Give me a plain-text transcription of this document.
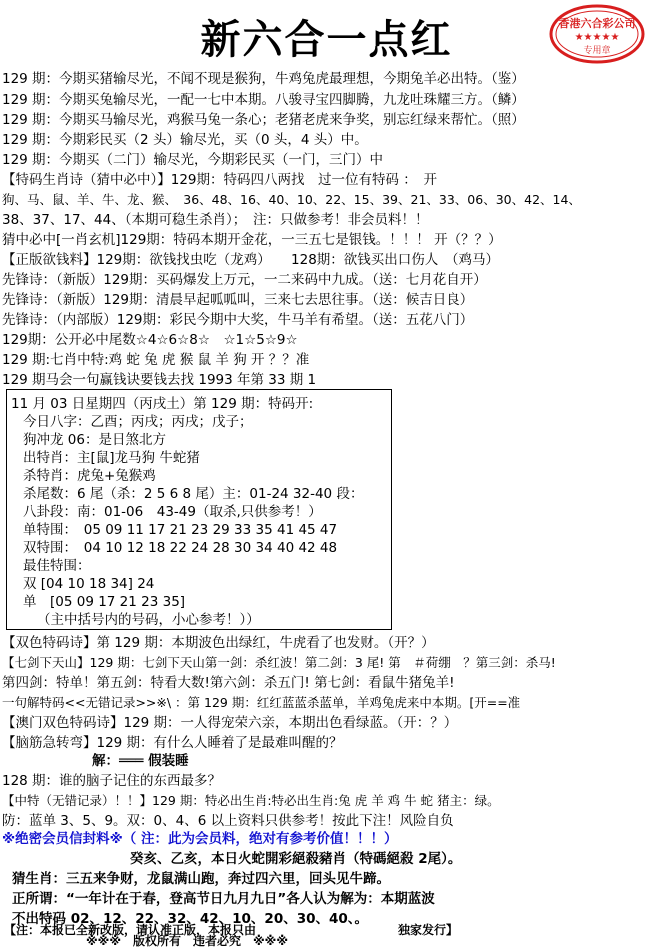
新六合一点红	香港六合彩公司
★★★★★
专用章
129 期：今期买猪输尽光，不闻不现是猴狗，牛鸡兔虎最理想，今期兔羊必出特。（鉴）
129 期：今期买兔输尽光，一配一七中本期。八骏寻宝四脚腾，九龙吐珠耀三方。（鳞）
129 期：今期买马输尽光，鸡猴马兔一条心；老猪老虎来争奖，别忘红绿来帮忙。（照）
129 期：今期彩民买（2 头）输尽光，买（0 头，4 头）中。
129 期：今期买（二门）输尽光，今期彩民买（一门，三门）中
【特码生肖诗（猜中必中）】129期：特码四八两找　过一位有特码 ：　开
狗、马、鼠、羊、牛、龙、猴、　36、48、16、40、10、22、15、39、21、33、06、30、42、14、
38、37、17、44、（本期可稳生杀肖）；　注：只做参考！非会员料！！
猜中必中[一肖玄机]129期：特码本期开金花，一三五七是银钱。！！！ 开（？？）
【正版欲钱料】129期：欲钱找虫吃（龙鸡）　　128期：欲钱买出口伤人　（鸡马）
先锋诗：（新版）129期：买码爆发上万元，一二来码中九成。（送：七月花自开）
先锋诗：（新版）129期：清晨早起呱呱叫，三来七去思往事。（送：候吉日良）
先锋诗：（内部版）129期：彩民今期中大奖，牛马羊有希望。（送：五花八门）
129期：公开必中尾数☆4☆6☆8☆　☆1☆5☆9☆
129 期:七肖中特:鸡 蛇 兔 虎 猴 鼠 羊 狗 开 ？？准
129 期马会一句赢钱诀要钱去找 1993 年第 33 期 1
11 月 03 日星期四（丙戌土）第 129 期：特码开:
今日八字：乙酉；丙戌；丙戌；戊子；
狗冲龙 06：是日煞北方
出特肖：主[鼠]龙马狗 牛蛇猪
杀特肖：虎兔+兔猴鸡
杀尾数：6 尾（杀：2 5 6 8 尾）主：01-24 32-40 段：
八卦段：南：01-06　43-49（取杀,只供参考！）
单特围：　05 09 11 17 21 23 29 33 35 41 45 47
双特围：　04 10 12 18 22 24 28 30 34 40 42 48
最佳特围：
双 [04 10 18 34] 24
单　[05 09 17 21 23 35]
（主中括号内的号码，小心参考！））
【双色特码诗】第 129 期：本期波色出绿红，牛虎看了也发财。（开？）
【七剑下天山】129 期：七剑下天山第一剑：杀红波！第二剑：3 尾! 第　＃荷绷　？第三剑：杀马!
第四剑：特单！第五剑：特看大数!第六剑：杀五门! 第七剑：看鼠牛猪兔羊!
一句解特码<<无错记录>>※\ ：第 129 期：红红蓝蓝杀蓝单，羊鸡兔虎来中本期。[开==准
【澳门双色特码诗】129 期：一人得宠荣六亲，本期出色看绿蓝。（开：？）
【脑筋急转弯】129 期：有什么人睡着了是最难叫醒的？
解：═══ 假装睡
128 期：谁的脑子记住的东西最多？
【中特（无错记录）！！】129 期：特必出生肖:特必出生肖:兔 虎 羊 鸡 牛 蛇 猪主：绿。
防：蓝单 3、5、9。双：0、4、6 以上资料只供参考！按此下注！风险自负
※绝密会员信封料※（ 注：此为会员料，绝对有参考价值！！！）
癸亥、乙亥，本日火蛇開彩絕殺豬肖（特碼絕殺 2尾）。
猜生肖：三五来争财，龙鼠满山跑，奔过四六里，回头见牛蹄。
正所谓：“一年计在于春，登高节日九月九日”各人认为解为：本期蓝波
不出特码 02、12、22、32、42、10、20、30、40、。
【注：本报已全新改版，请认准正版，本报只由	独家发行】
※※※　版权所有　违者必究　※※※
